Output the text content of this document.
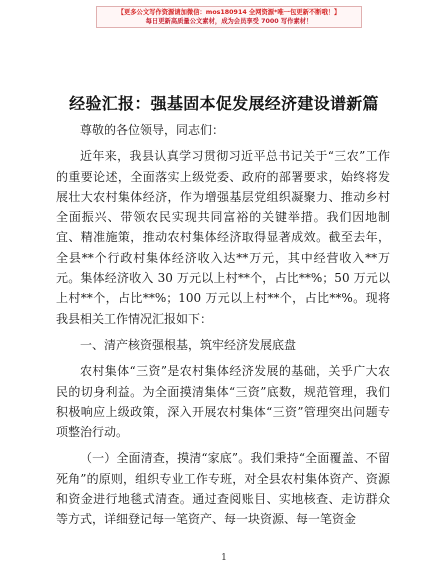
【更多公文写作资源请加微信：mos180914 全网资源*唯一包更新不断哦！】
每日更新高质量公文素材，成为会员享受 7000 写作素材！
经验汇报：强基固本促发展经济建设谱新篇

尊敬的各位领导，同志们：

近年来，我县认真学习贯彻习近平总书记关于“三农”工作的重要论述，全面落实上级党委、政府的部署要求，始终将发展壮大农村集体经济，作为增强基层党组织凝聚力、推动乡村全面振兴、带领农民实现共同富裕的关键举措。我们因地制宜、精准施策，推动农村集体经济取得显著成效。截至去年，全县**个行政村集体经济收入达**万元，其中经营收入**万元。集体经济收入 30 万元以上村**个，占比**%；50 万元以上村**个，占比**%；100 万元以上村**个，占比**%。现将我县相关工作情况汇报如下：

一、清产核资强根基，筑牢经济发展底盘

农村集体“三资”是农村集体经济发展的基础，关乎广大农民的切身利益。为全面摸清集体“三资”底数，规范管理，我们积极响应上级政策，深入开展农村集体“三资”管理突出问题专项整治行动。

（一）全面清查，摸清“家底”。我们秉持“全面覆盖、不留死角”的原则，组织专业工作专班，对全县农村集体资产、资源和资金进行地毯式清查。通过查阅账目、实地核查、走访群众等方式，详细登记每一笔资产、每一块资源、每一笔资金

1
